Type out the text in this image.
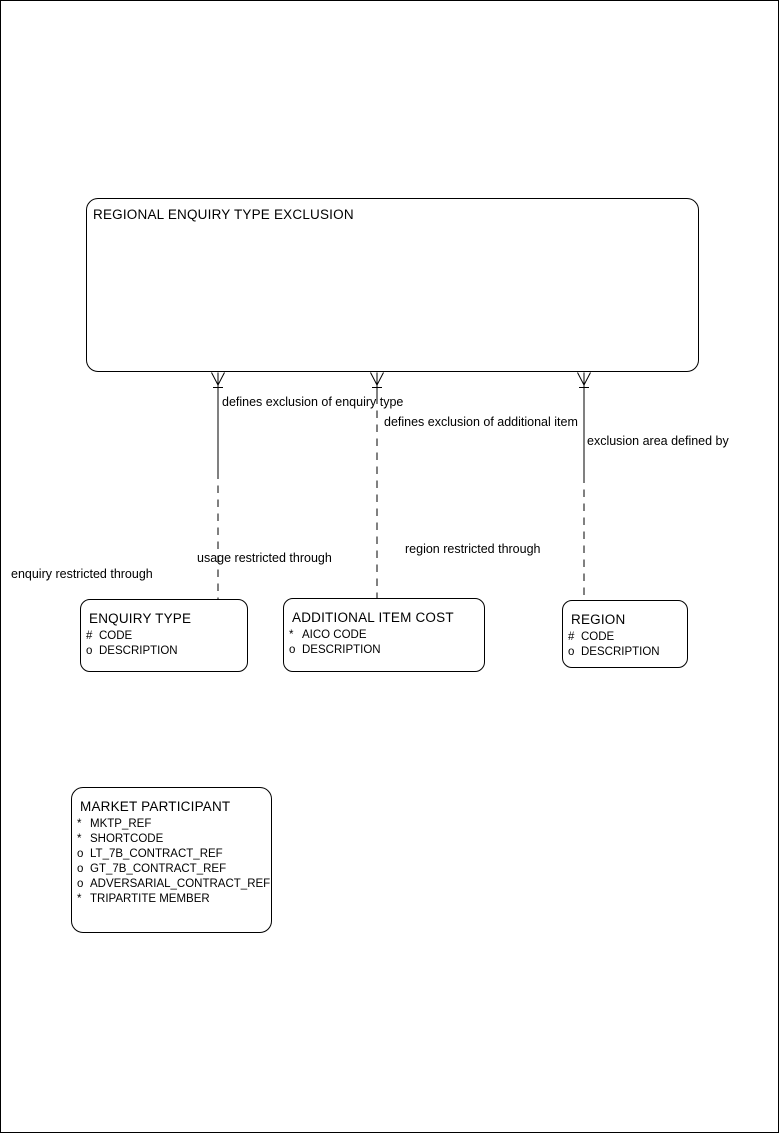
REGIONAL ENQUIRY TYPE EXCLUSION
defines exclusion of enquiry type
defines exclusion of additional item
exclusion area defined by
enquiry restricted through
usage restricted through
region restricted through
ENQUIRY TYPE
# CODE
o DESCRIPTION
ADDITIONAL ITEM COST
* AICO CODE
o DESCRIPTION
REGION
# CODE
o DESCRIPTION
MARKET PARTICIPANT
* MKTP_REF
* SHORTCODE
o LT_7B_CONTRACT_REF
o GT_7B_CONTRACT_REF
o ADVERSARIAL_CONTRACT_REF
* TRIPARTITE MEMBER
